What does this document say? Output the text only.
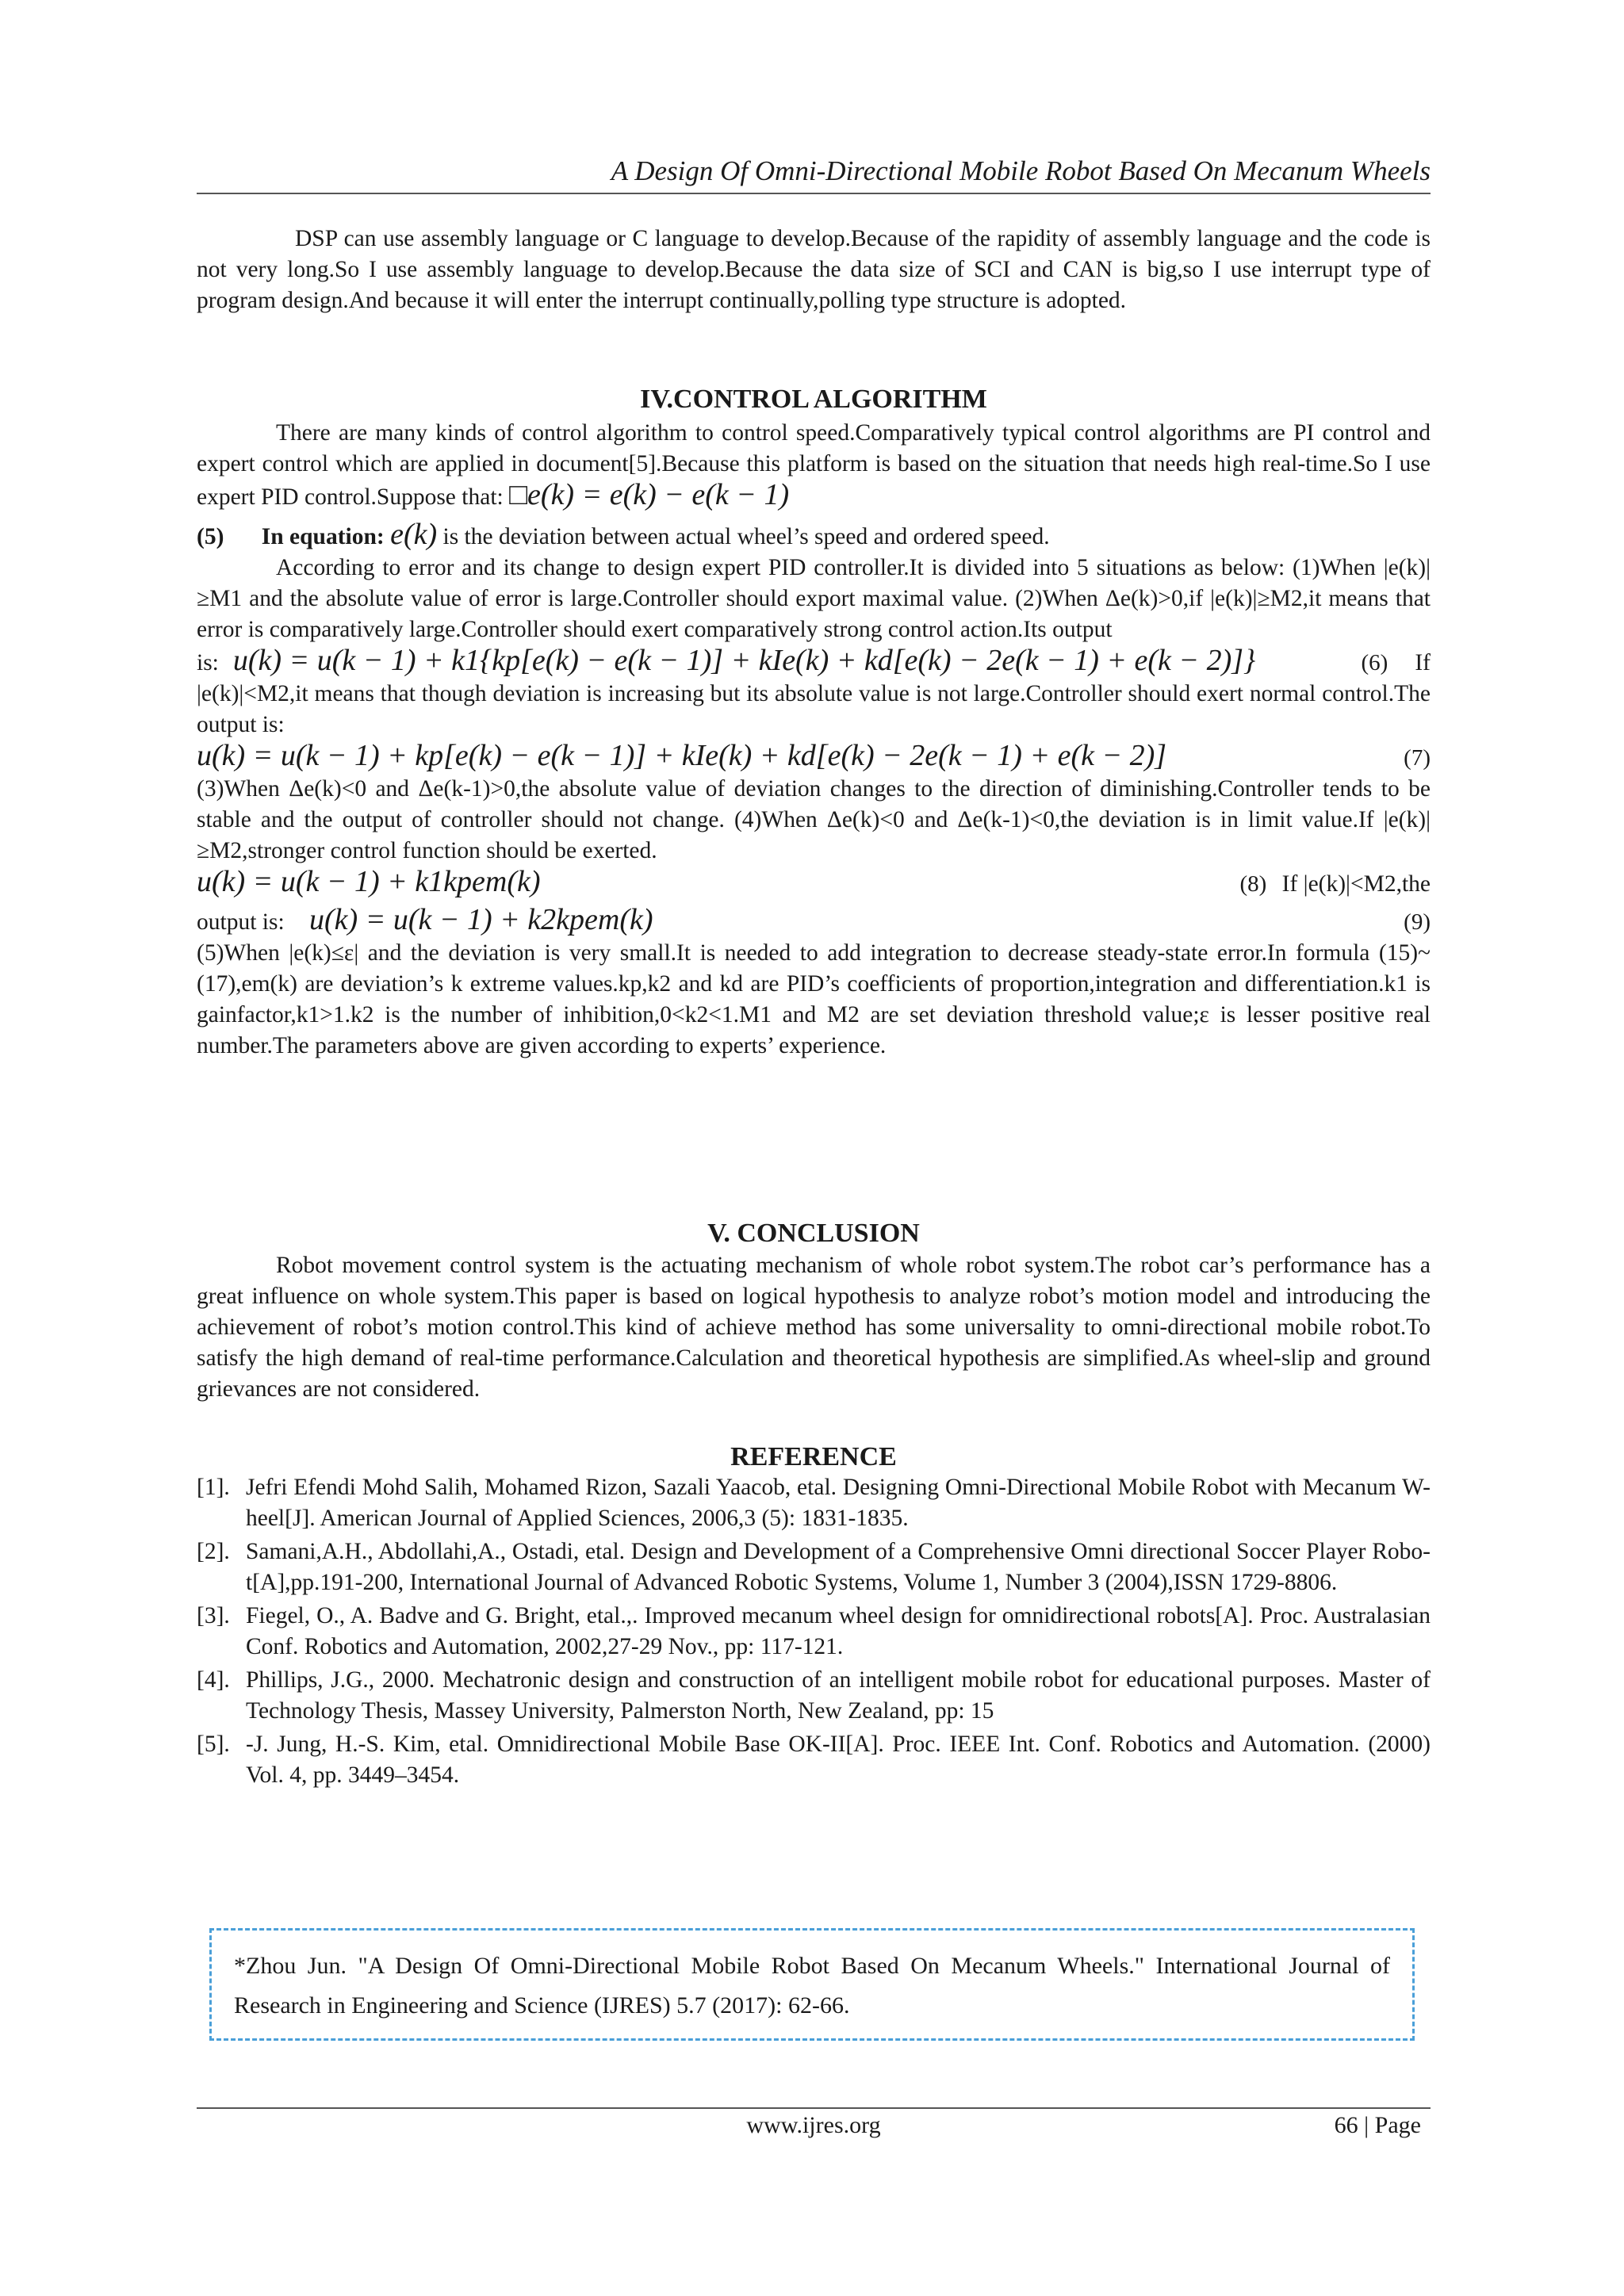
A Design Of Omni-Directional Mobile Robot Based On Mecanum Wheels

DSP can use assembly language or C language to develop.Because of the rapidity of assembly language and the code is not very long.So I use assembly language to develop.Because the data size of SCI and CAN is big,so I use interrupt type of program design.And because it will enter the interrupt continually,polling type structure is adopted.

IV.CONTROL ALGORITHM

There are many kinds of control algorithm to control speed.Comparatively typical control algorithms are PI control and expert control which are applied in document[5].Because this platform is based on the situation that needs high real-time.So I use expert PID control.Suppose that: □e(k) = e(k) − e(k − 1)

(5) In equation: e(k) is the deviation between actual wheel’s speed and ordered speed.

According to error and its change to design expert PID controller.It is divided into 5 situations as below: (1)When |e(k)|≥M1 and the absolute value of error is large.Controller should export maximal value. (2)When Δe(k)>0,if |e(k)|≥M2,it means that error is comparatively large.Controller should exert comparatively strong control action.Its output

is: u(k) = u(k − 1) + k1{kp[e(k) − e(k − 1)] + kIe(k) + kd[e(k) − 2e(k − 1) + e(k − 2)]}	(6) If

|e(k)|<M2,it means that though deviation is increasing but its absolute value is not large.Controller should exert normal control.The output is:

u(k) = u(k − 1) + kp[e(k) − e(k − 1)] + kIe(k) + kd[e(k) − 2e(k − 1) + e(k − 2)]	(7)

(3)When Δe(k)<0 and Δe(k-1)>0,the absolute value of deviation changes to the direction of diminishing.Controller tends to be stable and the output of controller should not change. (4)When Δe(k)<0 and Δe(k-1)<0,the deviation is in limit value.If |e(k)|≥M2,stronger control function should be exerted.

u(k) = u(k − 1) + k1kpem(k)	(8) If |e(k)|<M2,the
output is: u(k) = u(k − 1) + k2kpem(k)	(9)

(5)When |e(k)≤ε| and the deviation is very small.It is needed to add integration to decrease steady-state error.In formula (15)~(17),em(k) are deviation’s k extreme values.kp,k2 and kd are PID’s coefficients of proportion,integration and differentiation.k1 is gainfactor,k1>1.k2 is the number of inhibition,0<k2<1.M1 and M2 are set deviation threshold value;ε is lesser positive real number.The parameters above are given according to experts’ experience.

V. CONCLUSION

Robot movement control system is the actuating mechanism of whole robot system.The robot car’s performance has a great influence on whole system.This paper is based on logical hypothesis to analyze robot’s motion model and introducing the achievement of robot’s motion control.This kind of achieve method has some universality to omni-directional mobile robot.To satisfy the high demand of real-time performance.Calculation and theoretical hypothesis are simplified.As wheel-slip and ground grievances are not considered.

REFERENCE
[1]. Jefri Efendi Mohd Salih, Mohamed Rizon, Sazali Yaacob, etal. Designing Omni-Directional Mobile Robot with Mecanum W-heel[J]. American Journal of Applied Sciences, 2006,3 (5): 1831-1835.
[2]. Samani,A.H., Abdollahi,A., Ostadi, etal. Design and Development of a Comprehensive Omni directional Soccer Player Robo-t[A],pp.191-200, International Journal of Advanced Robotic Systems, Volume 1, Number 3 (2004),ISSN 1729-8806.
[3]. Fiegel, O., A. Badve and G. Bright, etal.,. Improved mecanum wheel design for omnidirectional robots[A]. Proc. Australasian Conf. Robotics and Automation, 2002,27-29 Nov., pp: 117-121.
[4]. Phillips, J.G., 2000. Mechatronic design and construction of an intelligent mobile robot for educational purposes. Master of Technology Thesis, Massey University, Palmerston North, New Zealand, pp: 15
[5]. -J. Jung, H.-S. Kim, etal. Omnidirectional Mobile Base OK-II[A]. Proc. IEEE Int. Conf. Robotics and Automation. (2000) Vol. 4, pp. 3449–3454.
*Zhou Jun. "A Design Of Omni-Directional Mobile Robot Based On Mecanum Wheels." International Journal of Research in Engineering and Science (IJRES) 5.7 (2017): 62-66.
www.ijres.org	66 | Page
